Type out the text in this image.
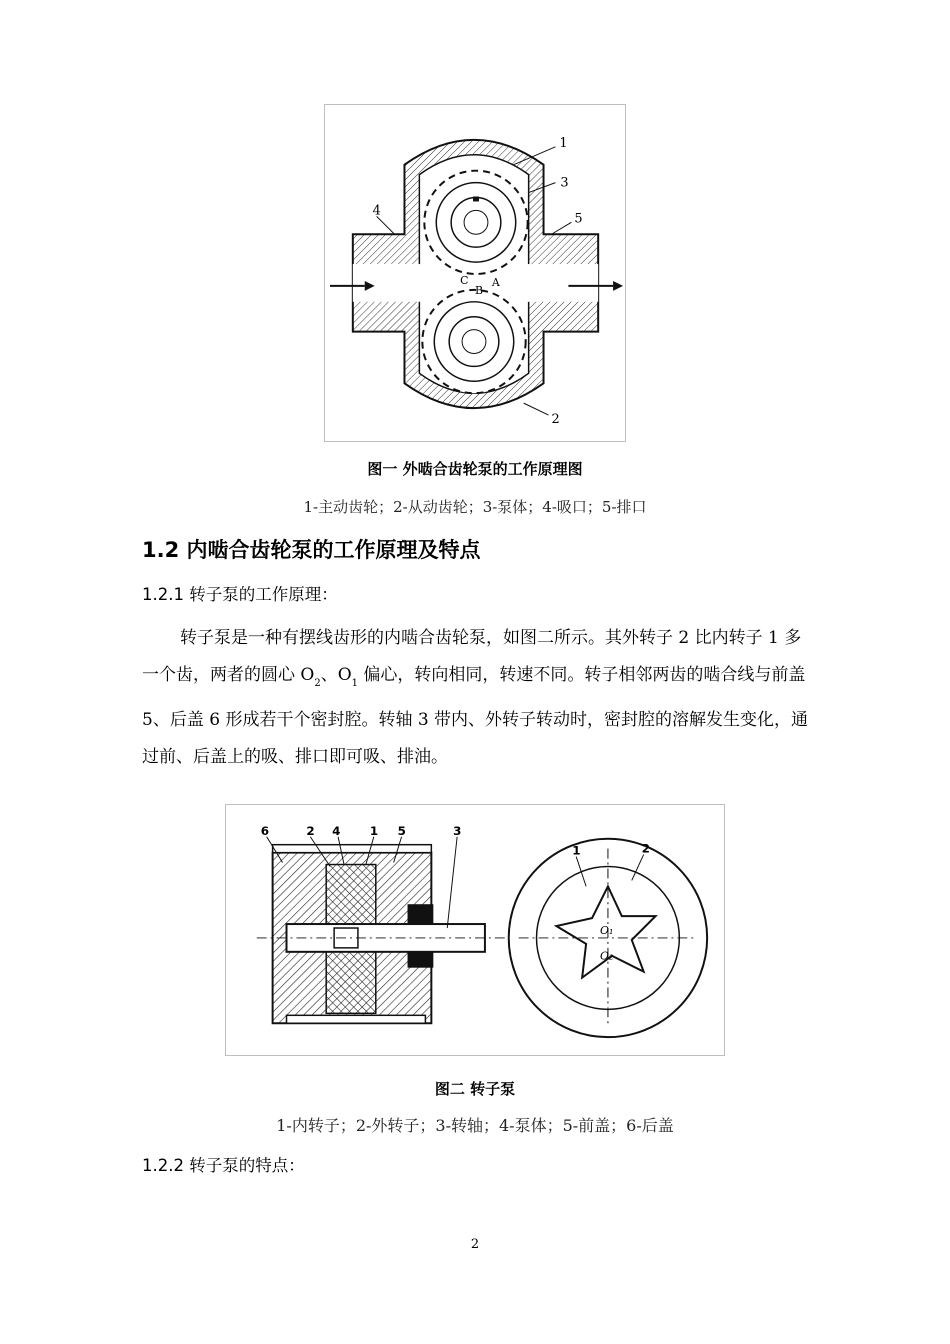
1
3
4
5
2
C
B
A
图一 外啮合齿轮泵的工作原理图
1-主动齿轮；2-从动齿轮；3-泵体；4-吸口；5-排口
1.2 内啮合齿轮泵的工作原理及特点
1.2.1 转子泵的工作原理：
转子泵是一种有摆线齿形的内啮合齿轮泵，如图二所示。其外转子 2 比内转子 1 多一个齿，两者的圆心 $O_2$、$O_1$ 偏心，转向相同，转速不同。转子相邻两齿的啮合线与前盖 5、后盖 6 形成若干个密封腔。转轴 3 带内、外转子转动时，密封腔的溶解发生变化，通过前、后盖上的吸、排口即可吸、排油。
6	2 4 1 5	3
O₁
O₂
1	2
图二 转子泵
1-内转子；2-外转子；3-转轴；4-泵体；5-前盖；6-后盖
1.2.2 转子泵的特点：
2
